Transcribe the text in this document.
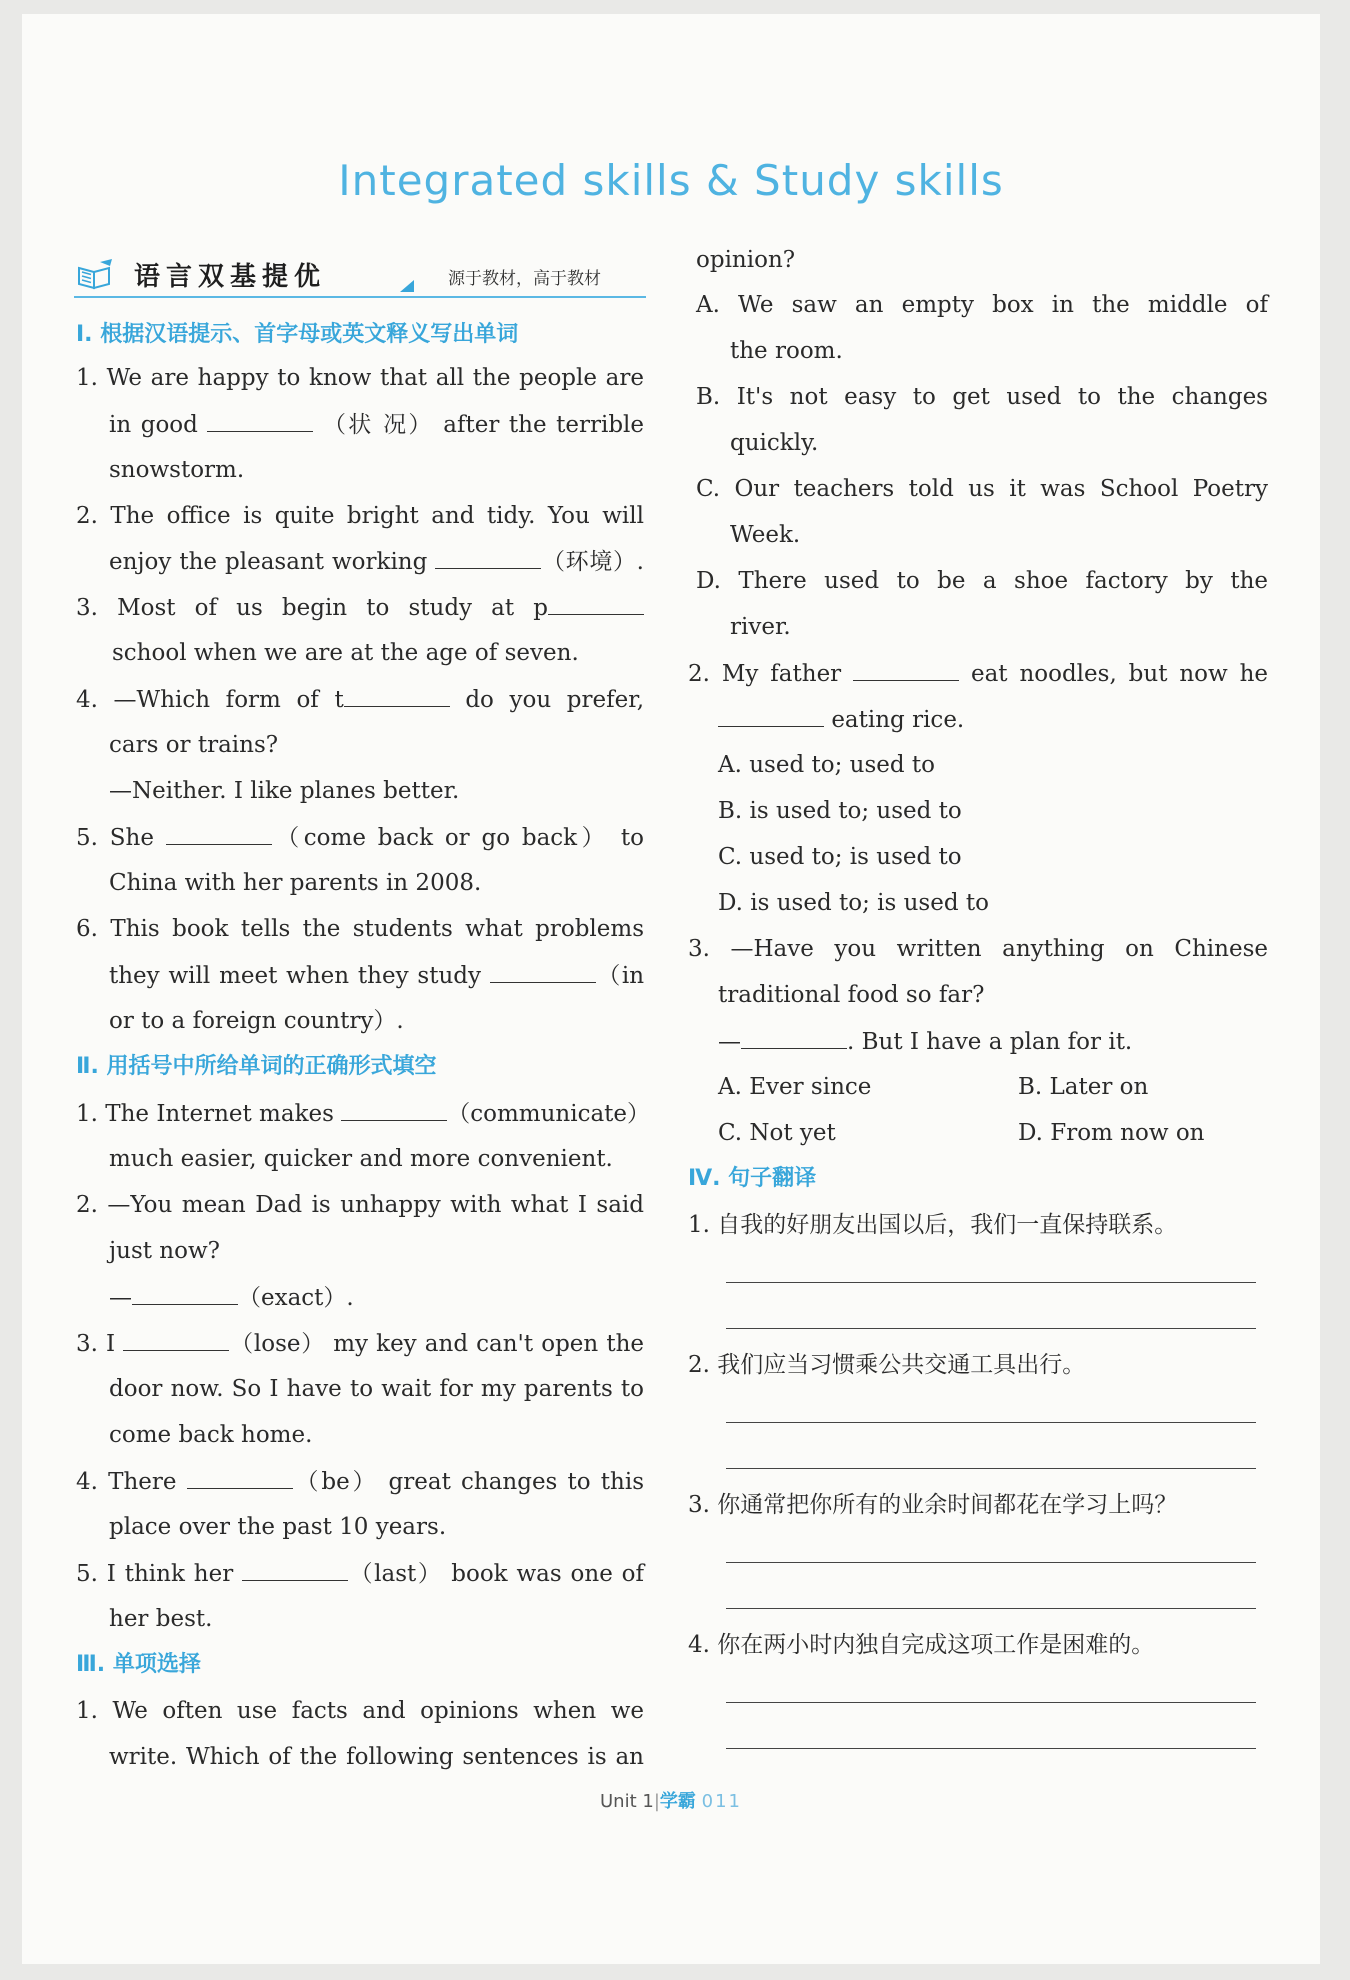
Integrated skills & Study skills
语言双基提优	源于教材，高于教材
Ⅰ. 根据汉语提示、首字母或英文释义写出单词
1. We are happy to know that all the people are
in good	（状 况） after the terrible
snowstorm.
2. The office is quite bright and tidy. You will
enjoy the pleasant working	（环境）.
3. Most of us begin to study at p
school when we are at the age of seven.
4. —Which form of t	do you prefer,
cars or trains?
—Neither. I like planes better.
5. She	（come back or go back） to
China with her parents in 2008.
6. This book tells the students what problems
they will meet when they study	（in
or to a foreign country）.
Ⅱ. 用括号中所给单词的正确形式填空
1. The Internet makes	（communicate）
much easier, quicker and more convenient.
2. —You mean Dad is unhappy with what I said
just now?
—	（exact）.
3. I	（lose） my key and can't open the
door now. So I have to wait for my parents to
come back home.
4. There	（be） great changes to this
place over the past 10 years.
5. I think her	（last） book was one of
her best.
Ⅲ. 单项选择
1. We often use facts and opinions when we
write. Which of the following sentences is an
opinion?
A. We saw an empty box in the middle of
the room.
B. It's not easy to get used to the changes
quickly.
C. Our teachers told us it was School Poetry
Week.
D. There used to be a shoe factory by the
river.
2. My father	eat noodles, but now he
eating rice.
A. used to; used to
B. is used to; used to
C. used to; is used to
D. is used to; is used to
3. —Have you written anything on Chinese
traditional food so far?
—	. But I have a plan for it.
A. Ever since	B. Later on
C. Not yet	D. From now on
Ⅳ. 句子翻译
1. 自我的好朋友出国以后，我们一直保持联系。
2. 我们应当习惯乘公共交通工具出行。
3. 你通常把你所有的业余时间都花在学习上吗？
4. 你在两小时内独自完成这项工作是困难的。
Unit 1|学霸 011
